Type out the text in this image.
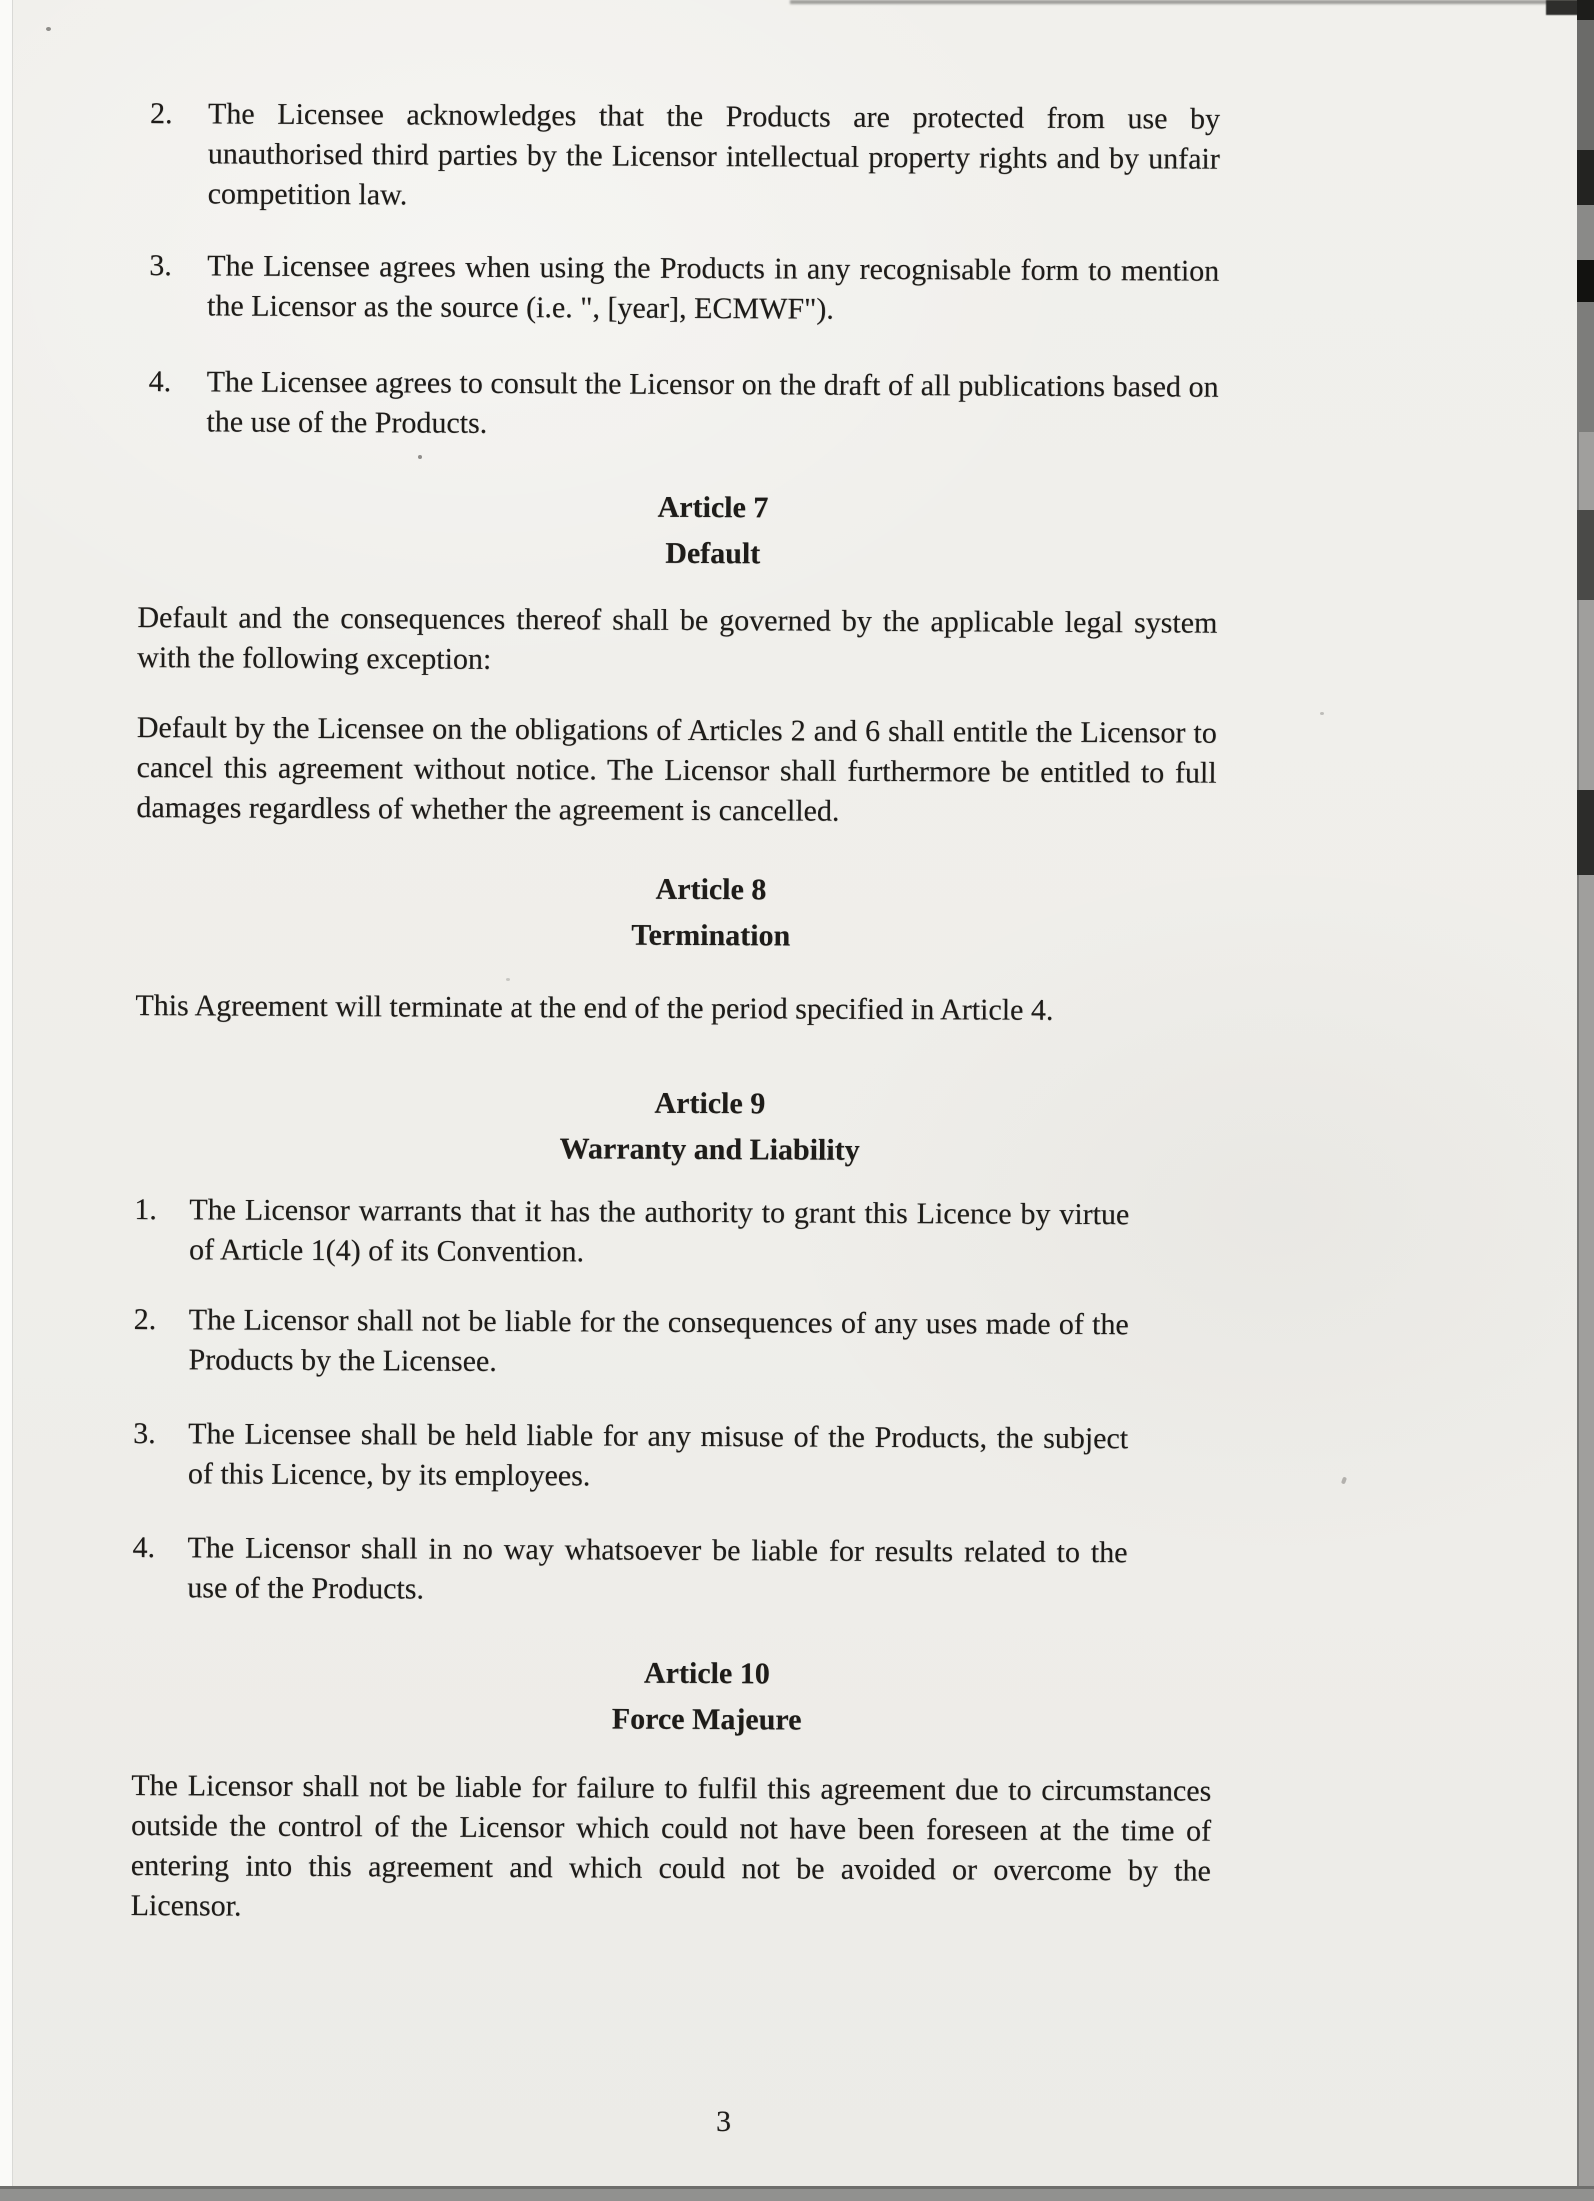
2.	The Licensee acknowledges that the Products are protected from use by unauthorised third parties by the Licensor intellectual property rights and by unfair competition law.

3.	The Licensee agrees when using the Products in any recognisable form to mention the Licensor as the source (i.e. ", [year], ECMWF").

4.	The Licensee agrees to consult the Licensor on the draft of all publications based on the use of the Products.

Article 7
Default

Default and the consequences thereof shall be governed by the applicable legal system with the following exception:

Default by the Licensee on the obligations of Articles 2 and 6 shall entitle the Licensor to cancel this agreement without notice. The Licensor shall furthermore be entitled to full damages regardless of whether the agreement is cancelled.

Article 8
Termination

This Agreement will terminate at the end of the period specified in Article 4.

Article 9
Warranty and Liability
1.	The Licensor warrants that it has the authority to grant this Licence by virtue of Article 1(4) of its Convention.

2.	The Licensor shall not be liable for the consequences of any uses made of the Products by the Licensee.

3.	The Licensee shall be held liable for any misuse of the Products, the subject of this Licence, by its employees.

4.	The Licensor shall in no way whatsoever be liable for results related to the use of the Products.

Article 10
Force Majeure

The Licensor shall not be liable for failure to fulfil this agreement due to circumstances outside the control of the Licensor which could not have been foreseen at the time of entering into this agreement and which could not be avoided or overcome by the Licensor.

3
